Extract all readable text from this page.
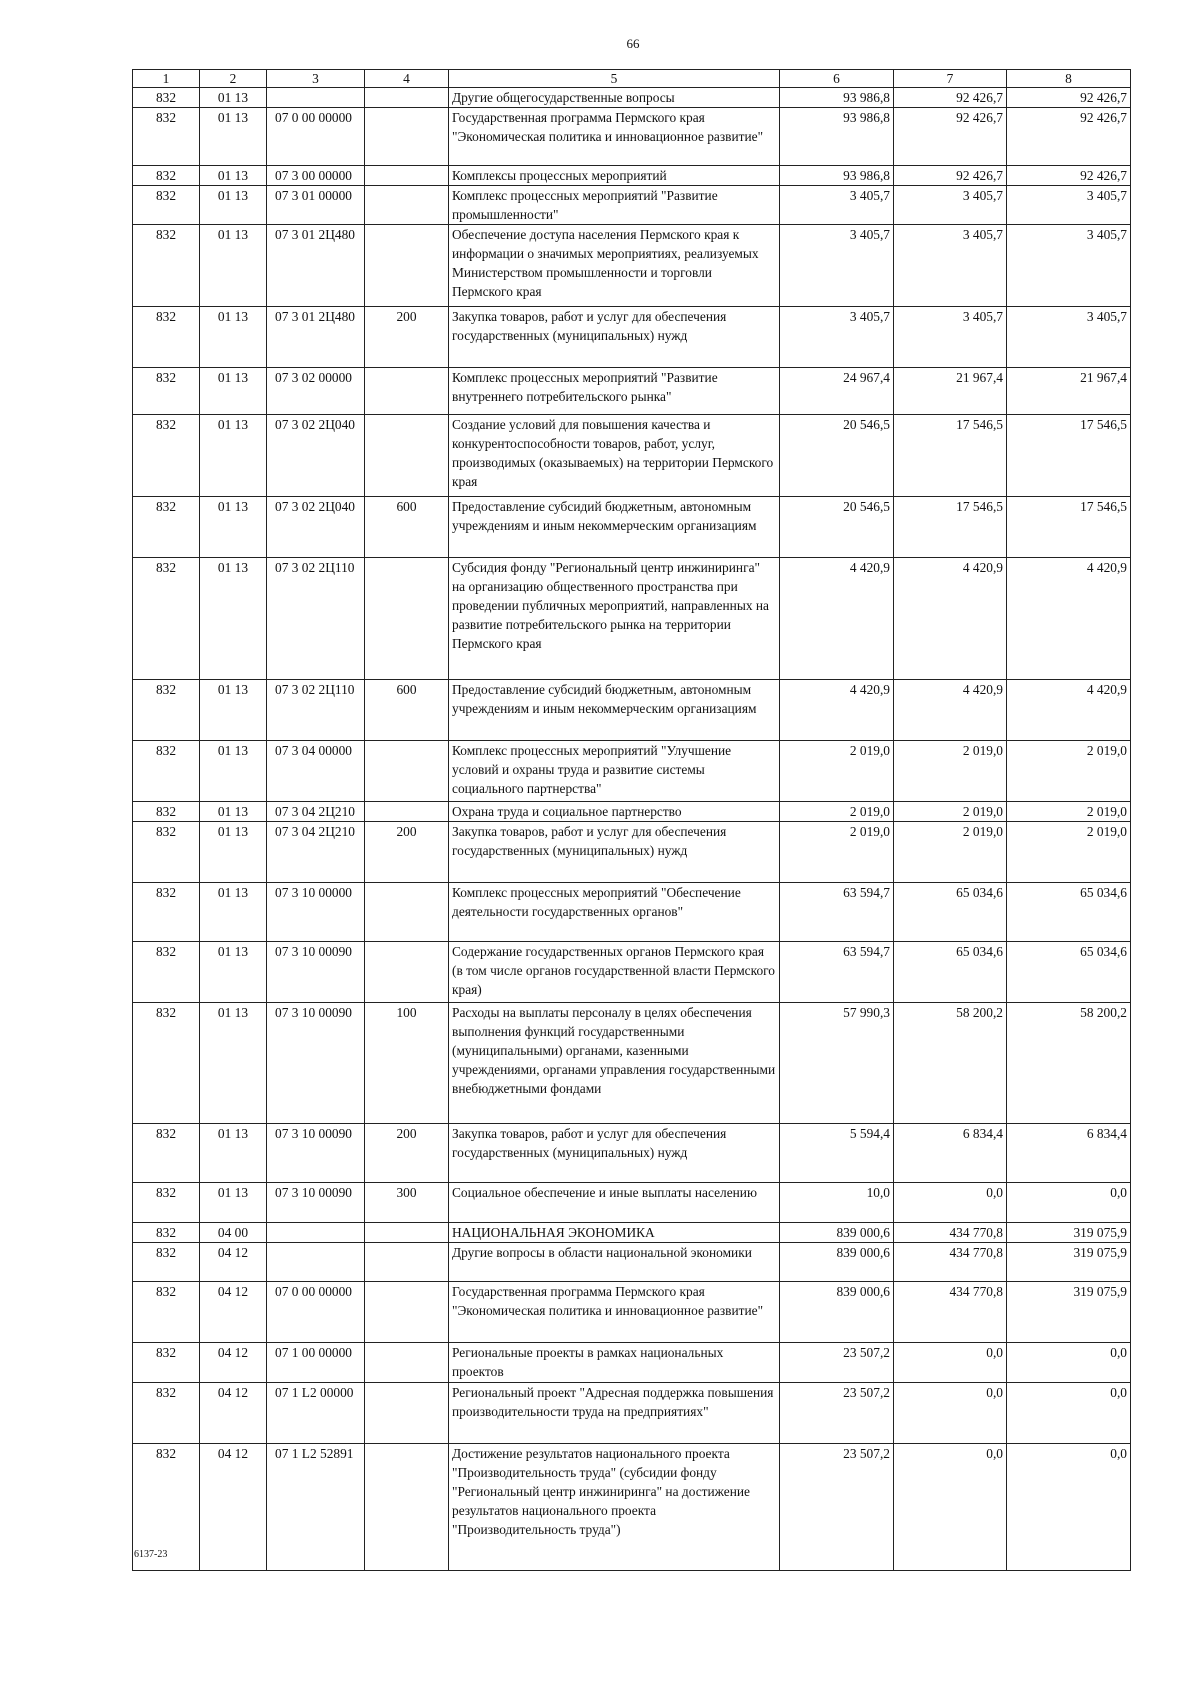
66
1	2	3	4	5	6	7	8
832	01 13			Другие общегосударственные вопросы	93 986,8	92 426,7	92 426,7
832	01 13	07 0 00 00000		Государственная программа Пермского края "Экономическая политика и инновационное развитие"	93 986,8	92 426,7	92 426,7
832	01 13	07 3 00 00000		Комплексы процессных мероприятий	93 986,8	92 426,7	92 426,7
832	01 13	07 3 01 00000		Комплекс процессных мероприятий "Развитие промышленности"	3 405,7	3 405,7	3 405,7
832	01 13	07 3 01 2Ц480		Обеспечение доступа населения Пермского края к информации о значимых мероприятиях, реализуемых Министерством промышленности и торговли Пермского края	3 405,7	3 405,7	3 405,7
832	01 13	07 3 01 2Ц480	200	Закупка товаров, работ и услуг для обеспечения государственных (муниципальных) нужд	3 405,7	3 405,7	3 405,7
832	01 13	07 3 02 00000		Комплекс процессных мероприятий "Развитие внутреннего потребительского рынка"	24 967,4	21 967,4	21 967,4
832	01 13	07 3 02 2Ц040		Создание условий для повышения качества и конкурентоспособности товаров, работ, услуг, производимых (оказываемых) на территории Пермского края	20 546,5	17 546,5	17 546,5
832	01 13	07 3 02 2Ц040	600	Предоставление субсидий бюджетным, автономным учреждениям и иным некоммерческим организациям	20 546,5	17 546,5	17 546,5
832	01 13	07 3 02 2Ц110		Субсидия фонду "Региональный центр инжиниринга" на организацию общественного пространства при проведении публичных мероприятий, направленных на развитие потребительского рынка на территории Пермского края	4 420,9	4 420,9	4 420,9
832	01 13	07 3 02 2Ц110	600	Предоставление субсидий бюджетным, автономным учреждениям и иным некоммерческим организациям	4 420,9	4 420,9	4 420,9
832	01 13	07 3 04 00000		Комплекс процессных мероприятий "Улучшение условий и охраны труда и развитие системы социального партнерства"	2 019,0	2 019,0	2 019,0
832	01 13	07 3 04 2Ц210		Охрана труда и социальное партнерство	2 019,0	2 019,0	2 019,0
832	01 13	07 3 04 2Ц210	200	Закупка товаров, работ и услуг для обеспечения государственных (муниципальных) нужд	2 019,0	2 019,0	2 019,0
832	01 13	07 3 10 00000		Комплекс процессных мероприятий "Обеспечение деятельности государственных органов"	63 594,7	65 034,6	65 034,6
832	01 13	07 3 10 00090		Содержание государственных органов Пермского края (в том числе органов государственной власти Пермского края)	63 594,7	65 034,6	65 034,6
832	01 13	07 3 10 00090	100	Расходы на выплаты персоналу в целях обеспечения выполнения функций государственными (муниципальными) органами, казенными учреждениями, органами управления государственными внебюджетными фондами	57 990,3	58 200,2	58 200,2
832	01 13	07 3 10 00090	200	Закупка товаров, работ и услуг для обеспечения государственных (муниципальных) нужд	5 594,4	6 834,4	6 834,4
832	01 13	07 3 10 00090	300	Социальное обеспечение и иные выплаты населению	10,0	0,0	0,0
832	04 00			НАЦИОНАЛЬНАЯ ЭКОНОМИКА	839 000,6	434 770,8	319 075,9
832	04 12			Другие вопросы в области национальной экономики	839 000,6	434 770,8	319 075,9
832	04 12	07 0 00 00000		Государственная программа Пермского края "Экономическая политика и инновационное развитие"	839 000,6	434 770,8	319 075,9
832	04 12	07 1 00 00000		Региональные проекты в рамках национальных проектов	23 507,2	0,0	0,0
832	04 12	07 1 L2 00000		Региональный проект "Адресная поддержка повышения производительности труда на предприятиях"	23 507,2	0,0	0,0
832	04 12	07 1 L2 52891		Достижение результатов национального проекта "Производительность труда" (субсидии фонду "Региональный центр инжиниринга" на достижение результатов национального проекта "Производительность труда")	23 507,2	0,0	0,0
6137-23
